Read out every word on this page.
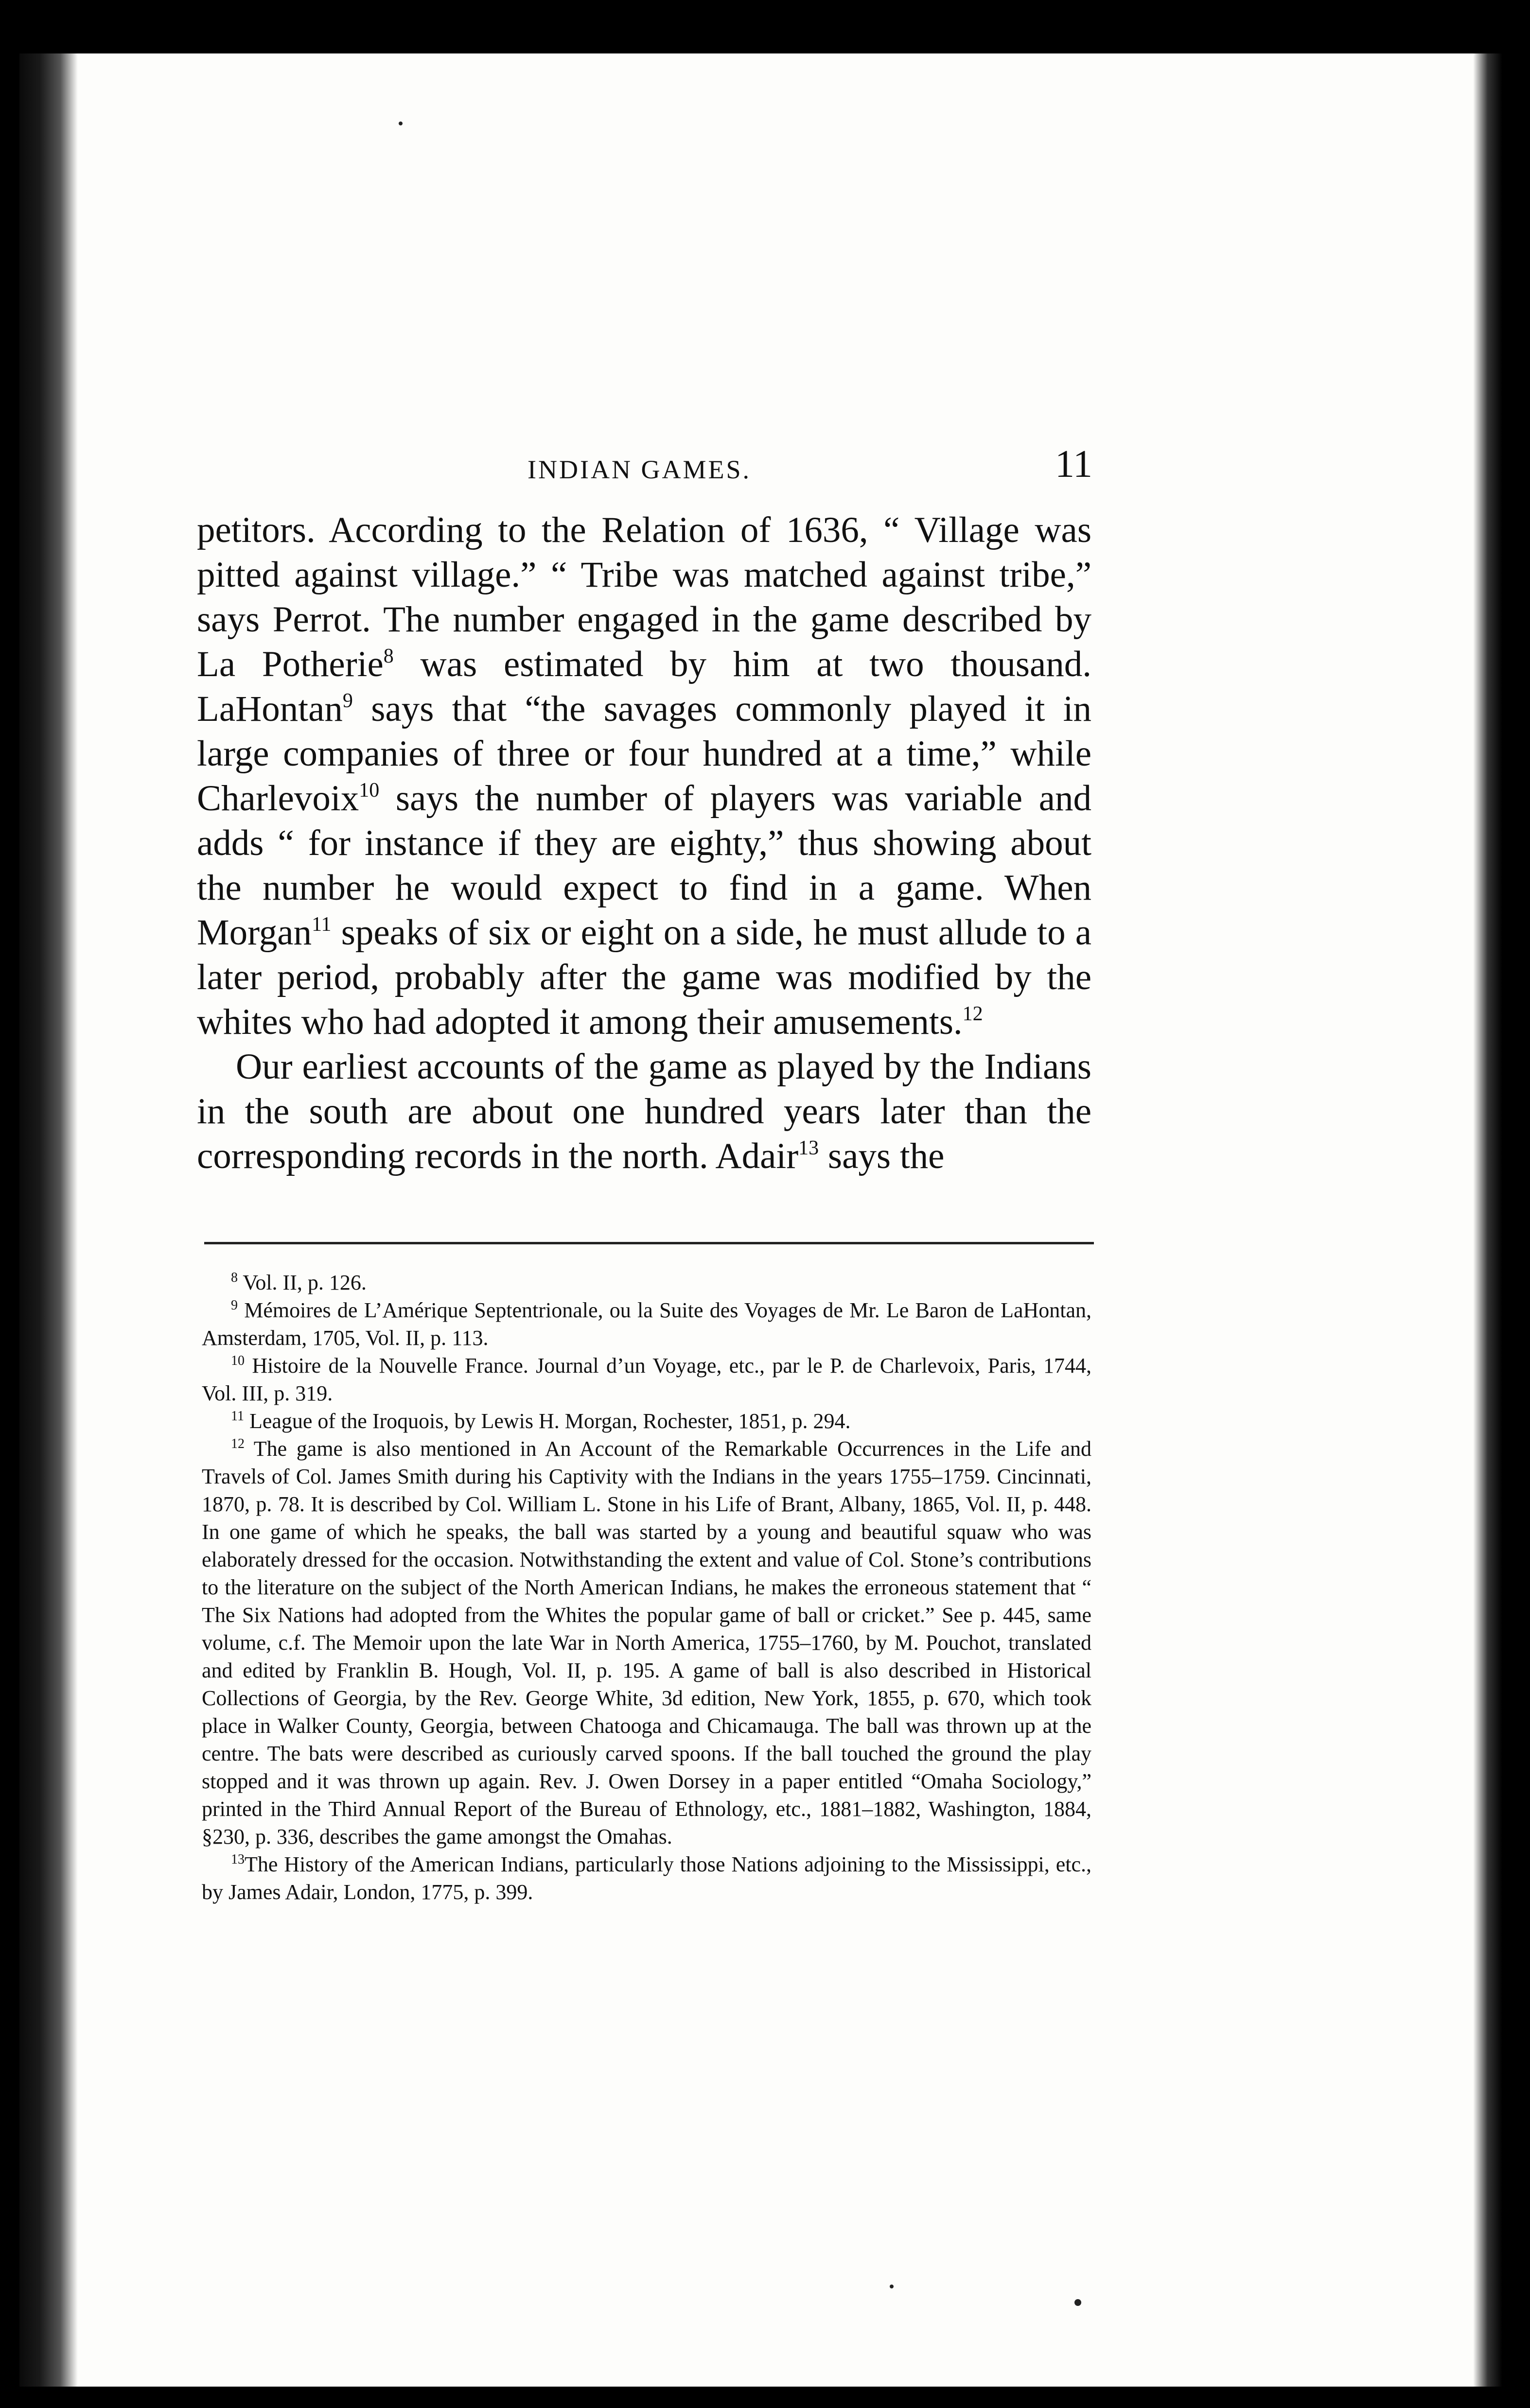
INDIAN GAMES.	11

petitors. According to the Relation of 1636, “ Village was pitted against village.” “ Tribe was matched against tribe,” says Perrot. The number engaged in the game described by La Potherie$^8$ was estimated by him at two thousand. LaHontan$^9$ says that “the savages commonly played it in large companies of three or four hundred at a time,” while Charlevoix$^{10}$ says the number of players was variable and adds “ for instance if they are eighty,” thus showing about the number he would expect to find in a game. When Morgan$^{11}$ speaks of six or eight on a side, he must allude to a later period, probably after the game was modified by the whites who had adopted it among their amusements.$^{12}$

Our earliest accounts of the game as played by the Indians in the south are about one hundred years later than the corresponding records in the north. Adair$^{13}$ says the

$^8$ Vol. II, p. 126.

$^9$ Mémoires de L’Amérique Septentrionale, ou la Suite des Voyages de Mr. Le Baron de LaHontan, Amsterdam, 1705, Vol. II, p. 113.

$^{10}$ Histoire de la Nouvelle France. Journal d’un Voyage, etc., par le P. de Charlevoix, Paris, 1744, Vol. III, p. 319.

$^{11}$ League of the Iroquois, by Lewis H. Morgan, Rochester, 1851, p. 294.

$^{12}$ The game is also mentioned in An Account of the Remarkable Occurrences in the Life and Travels of Col. James Smith during his Captivity with the Indians in the years 1755–1759. Cincinnati, 1870, p. 78. It is described by Col. William L. Stone in his Life of Brant, Albany, 1865, Vol. II, p. 448. In one game of which he speaks, the ball was started by a young and beautiful squaw who was elaborately dressed for the occasion. Notwithstanding the extent and value of Col. Stone’s contributions to the literature on the subject of the North American Indians, he makes the erroneous statement that “ The Six Nations had adopted from the Whites the popular game of ball or cricket.” See p. 445, same volume, c.f. The Memoir upon the late War in North America, 1755–1760, by M. Pouchot, translated and edited by Franklin B. Hough, Vol. II, p. 195. A game of ball is also described in Historical Collections of Georgia, by the Rev. George White, 3d edition, New York, 1855, p. 670, which took place in Walker County, Georgia, between Chatooga and Chicamauga. The ball was thrown up at the centre. The bats were described as curiously carved spoons. If the ball touched the ground the play stopped and it was thrown up again. Rev. J. Owen Dorsey in a paper entitled “Omaha Sociology,” printed in the Third Annual Report of the Bureau of Ethnology, etc., 1881–1882, Washington, 1884, §230, p. 336, describes the game amongst the Omahas.

$^{13}$The History of the American Indians, particularly those Nations adjoining to the Mississippi, etc., by James Adair, London, 1775, p. 399.
